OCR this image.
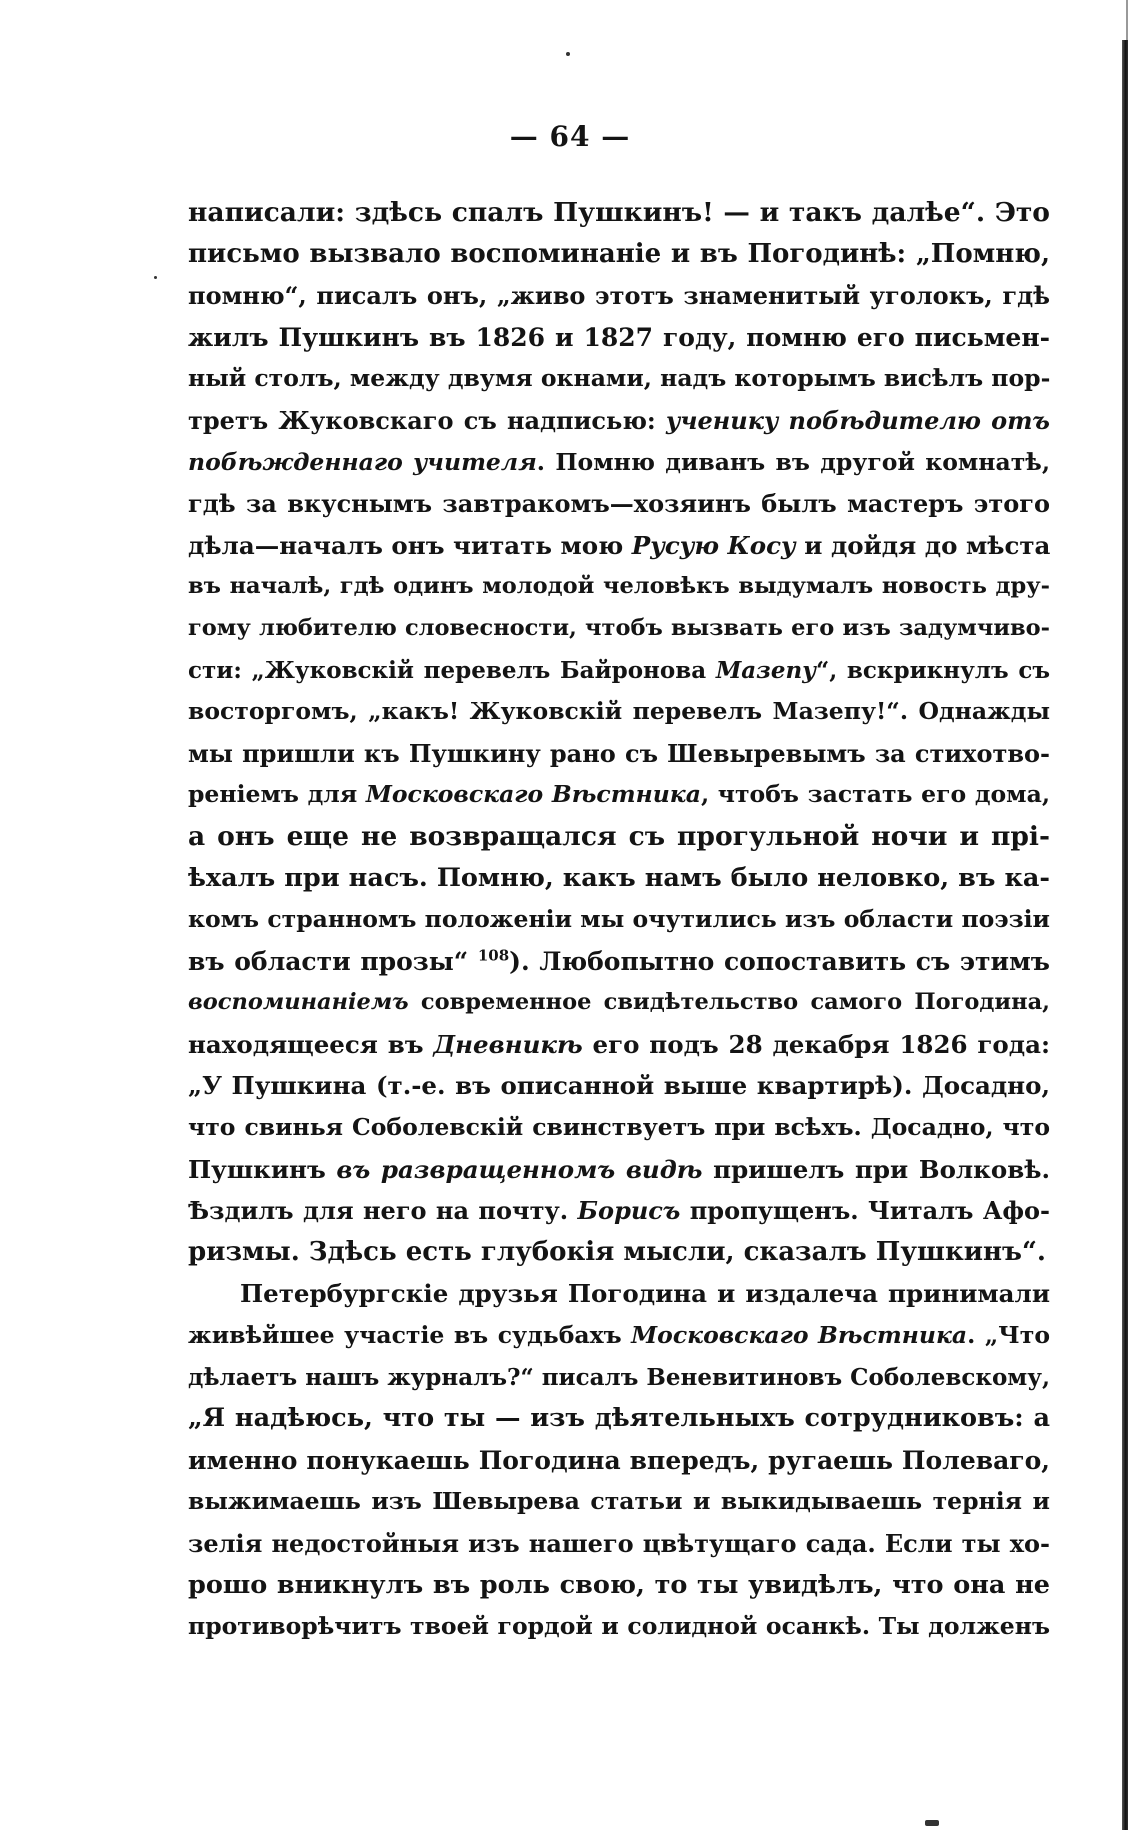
— 64 —
написали: здѣсь спалъ Пушкинъ! — и такъ далѣе“. Это
письмо вызвало воспоминаніе и въ Погодинѣ: „Помню,
помню“, писалъ онъ, „живо этотъ знаменитый уголокъ, гдѣ
жилъ Пушкинъ въ 1826 и 1827 году, помню его письмен-
ный столъ, между двумя окнами, надъ которымъ висѣлъ пор-
третъ Жуковскаго съ надписью: ученику побѣдителю отъ
побѣжденнаго учителя. Помню диванъ въ другой комнатѣ,
гдѣ за вкуснымъ завтракомъ—хозяинъ былъ мастеръ этого
дѣла—началъ онъ читать мою Русую Косу и дойдя до мѣста
въ началѣ, гдѣ одинъ молодой человѣкъ выдумалъ новость дру-
гому любителю словесности, чтобъ вызвать его изъ задумчиво-
сти: „Жуковскій перевелъ Байронова Мазепу“, вскрикнулъ съ
восторгомъ, „какъ! Жуковскій перевелъ Мазепу!“. Однажды
мы пришли къ Пушкину рано съ Шевыревымъ за стихотво-
реніемъ для Московскаго Вѣстника, чтобъ застать его дома,
а онъ еще не возвращался съ прогульной ночи и прі-
ѣхалъ при насъ. Помню, какъ намъ было неловко, въ ка-
комъ странномъ положеніи мы очутились изъ области поэзіи
въ области прозы“ $^{108}$). Любопытно сопоставить съ этимъ
воспоминаніемъ современное свидѣтельство самого Погодина,
находящееся въ Дневникѣ его подъ 28 декабря 1826 года:
„У Пушкина (т.-е. въ описанной выше квартирѣ). Досадно,
что свинья Соболевскій свинствуетъ при всѣхъ. Досадно, что
Пушкинъ въ развращенномъ видѣ пришелъ при Волковѣ.
Ѣздилъ для него на почту. Борисъ пропущенъ. Читалъ Афо-
ризмы. Здѣсь есть глубокія мысли, сказалъ Пушкинъ“.
Петербургскіе друзья Погодина и издалеча принимали
живѣйшее участіе въ судьбахъ Московскаго Вѣстника. „Что
дѣлаетъ нашъ журналъ?“ писалъ Веневитиновъ Соболевскому,
„Я надѣюсь, что ты — изъ дѣятельныхъ сотрудниковъ: а
именно понукаешь Погодина впередъ, ругаешь Полеваго,
выжимаешь изъ Шевырева статьи и выкидываешь тернія и
зелія недостойныя изъ нашего цвѣтущаго сада. Если ты хо-
рошо вникнулъ въ роль свою, то ты увидѣлъ, что она не
противорѣчитъ твоей гордой и солидной осанкѣ. Ты долженъ
